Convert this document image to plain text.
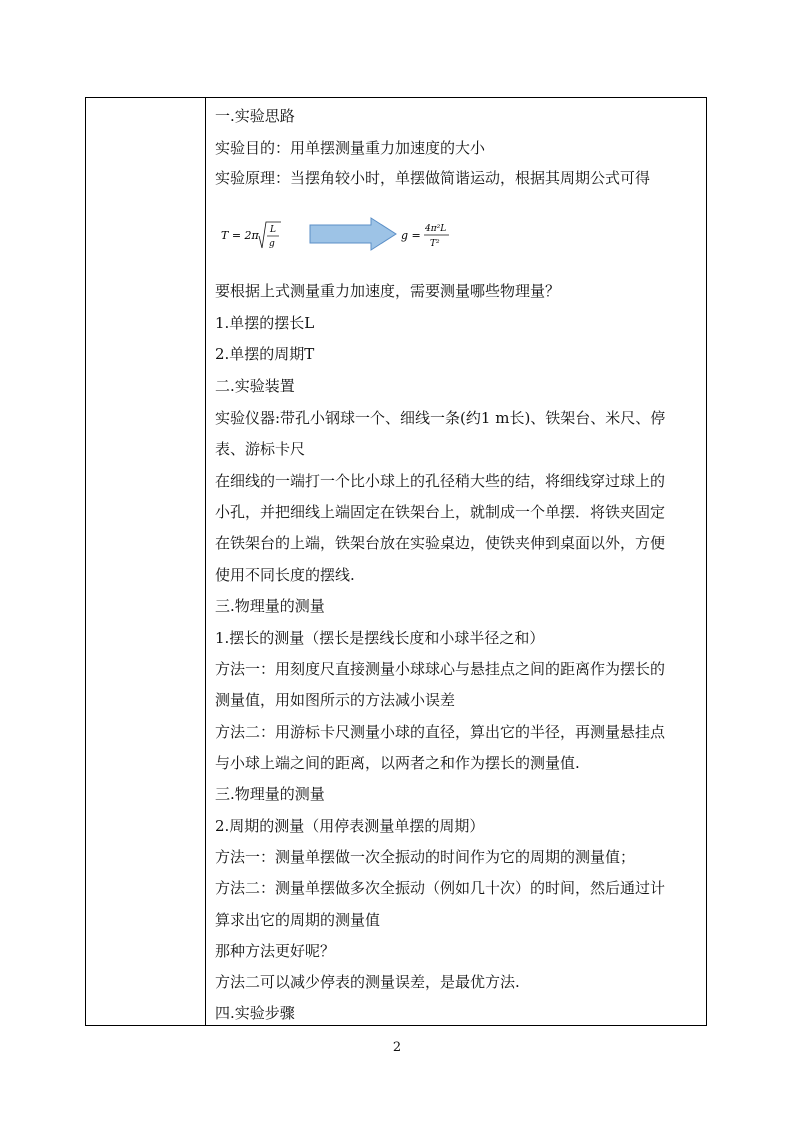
一.实验思路
实验目的：用单摆测量重力加速度的大小
实验原理：当摆角较小时，单摆做简谐运动，根据其周期公式可得
T = 2π L
g
g = 4π²L
T²
要根据上式测量重力加速度，需要测量哪些物理量？
1.单摆的摆长L
2.单摆的周期T
二.实验装置
实验仪器:带孔小钢球一个、细线一条(约1 m长)、铁架台、米尺、停
表、游标卡尺
在细线的一端打一个比小球上的孔径稍大些的结，将细线穿过球上的
小孔，并把细线上端固定在铁架台上，就制成一个单摆．将铁夹固定
在铁架台的上端，铁架台放在实验桌边，使铁夹伸到桌面以外，方便
使用不同长度的摆线.
三.物理量的测量
1.摆长的测量（摆长是摆线长度和小球半径之和）
方法一：用刻度尺直接测量小球球心与悬挂点之间的距离作为摆长的
测量值，用如图所示的方法减小误差
方法二：用游标卡尺测量小球的直径，算出它的半径，再测量悬挂点
与小球上端之间的距离，以两者之和作为摆长的测量值.
三.物理量的测量
2.周期的测量（用停表测量单摆的周期）
方法一：测量单摆做一次全振动的时间作为它的周期的测量值；
方法二：测量单摆做多次全振动（例如几十次）的时间，然后通过计
算求出它的周期的测量值
那种方法更好呢？
方法二可以减少停表的测量误差，是最优方法.
四.实验步骤
2
